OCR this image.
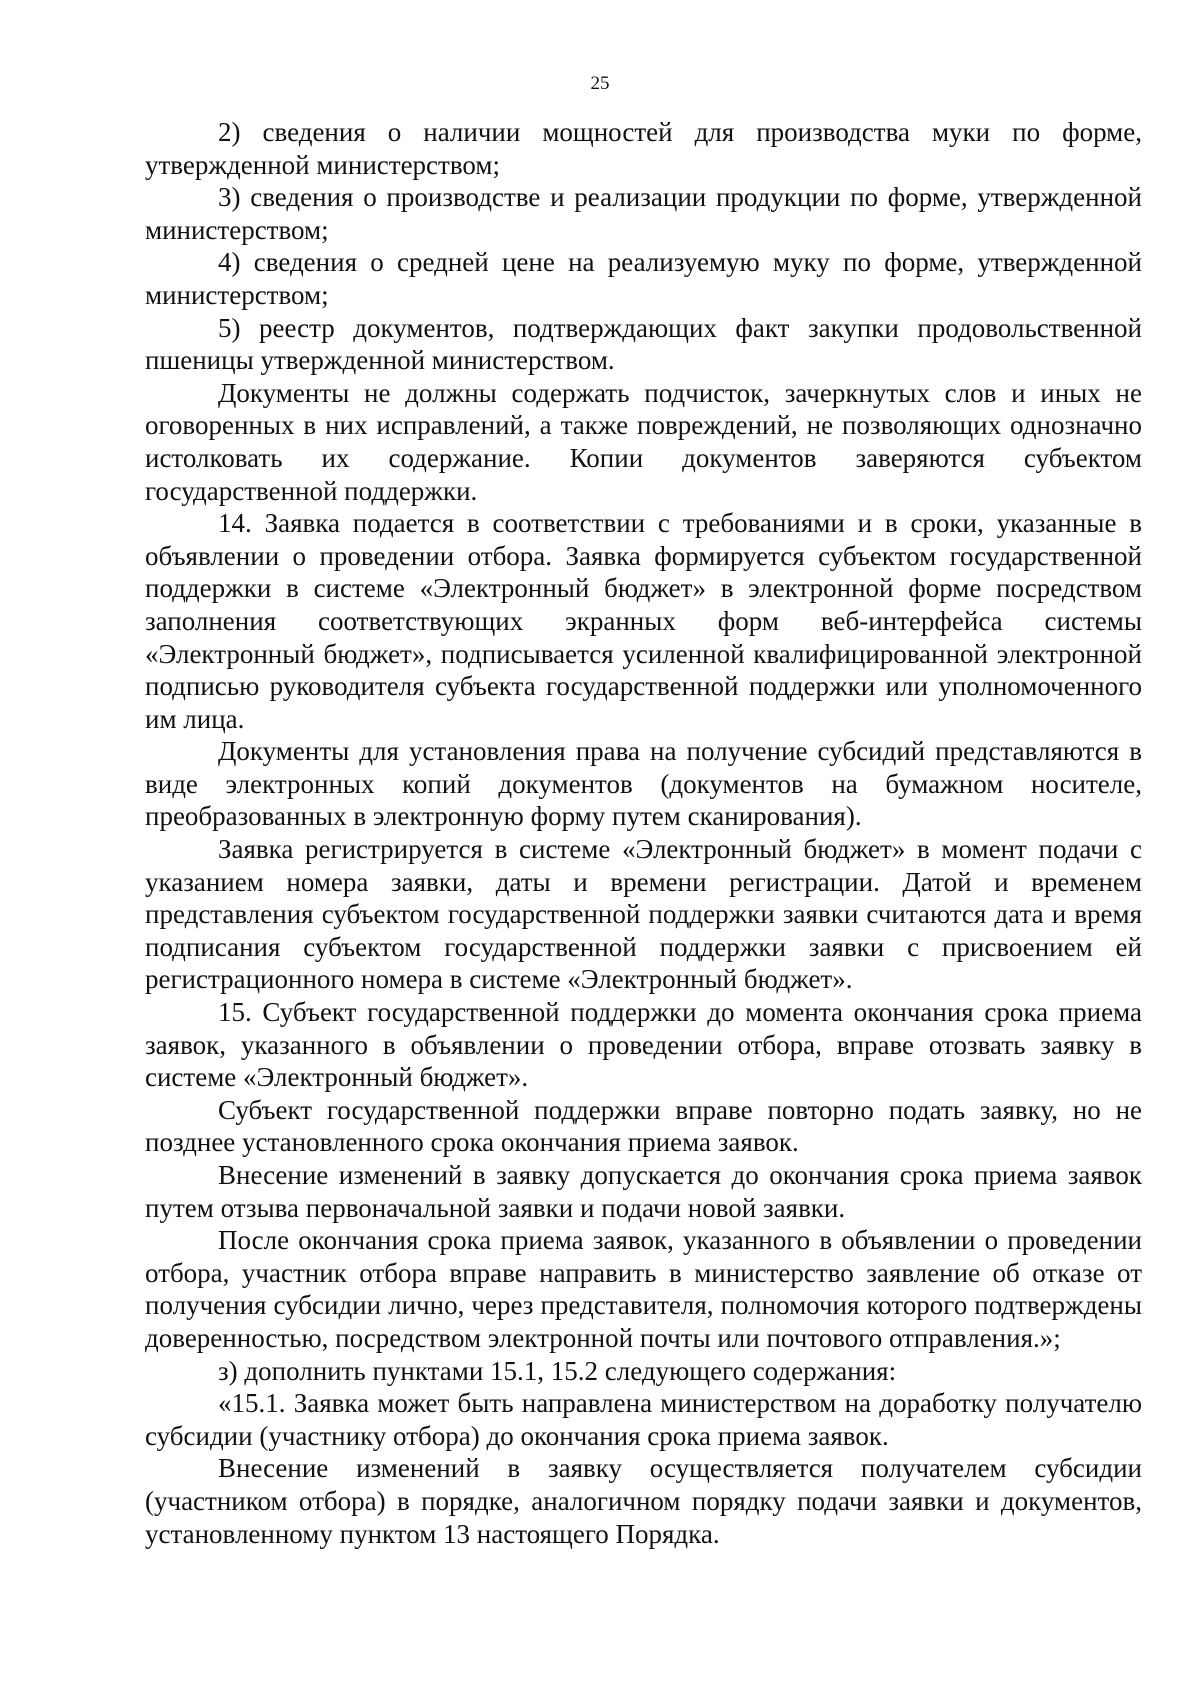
25

2) сведения о наличии мощностей для производства муки по форме, утвержденной министерством;

3) сведения о производстве и реализации продукции по форме, утвержденной министерством;

4) сведения о средней цене на реализуемую муку по форме, утвержденной министерством;

5) реестр документов, подтверждающих факт закупки продовольственной пшеницы утвержденной министерством.

Документы не должны содержать подчисток, зачеркнутых слов и иных не оговоренных в них исправлений, а также повреждений, не позволяющих однозначно истолковать их содержание. Копии документов заверяются субъектом государственной поддержки.

14. Заявка подается в соответствии с требованиями и в сроки, указанные в объявлении о проведении отбора. Заявка формируется субъектом государственной поддержки в системе «Электронный бюджет» в электронной форме посредством заполнения соответствующих экранных форм веб-интерфейса системы «Электронный бюджет», подписывается усиленной квалифицированной электронной подписью руководителя субъекта государственной поддержки или уполномоченного им лица.

Документы для установления права на получение субсидий представляются в виде электронных копий документов (документов на бумажном носителе, преобразованных в электронную форму путем сканирования).

Заявка регистрируется в системе «Электронный бюджет» в момент подачи с указанием номера заявки, даты и времени регистрации. Датой и временем представления субъектом государственной поддержки заявки считаются дата и время подписания субъектом государственной поддержки заявки с присвоением ей регистрационного номера в системе «Электронный бюджет».

15. Субъект государственной поддержки до момента окончания срока приема заявок, указанного в объявлении о проведении отбора, вправе отозвать заявку в системе «Электронный бюджет».

Субъект государственной поддержки вправе повторно подать заявку, но не позднее установленного срока окончания приема заявок.

Внесение изменений в заявку допускается до окончания срока приема заявок путем отзыва первоначальной заявки и подачи новой заявки.

После окончания срока приема заявок, указанного в объявлении о проведении отбора, участник отбора вправе направить в министерство заявление об отказе от получения субсидии лично, через представителя, полномочия которого подтверждены доверенностью, посредством электронной почты или почтового отправления.»;

з) дополнить пунктами 15.1, 15.2 следующего содержания:

«15.1. Заявка может быть направлена министерством на доработку получателю субсидии (участнику отбора) до окончания срока приема заявок.

Внесение изменений в заявку осуществляется получателем субсидии (участником отбора) в порядке, аналогичном порядку подачи заявки и документов, установленному пунктом 13 настоящего Порядка.
